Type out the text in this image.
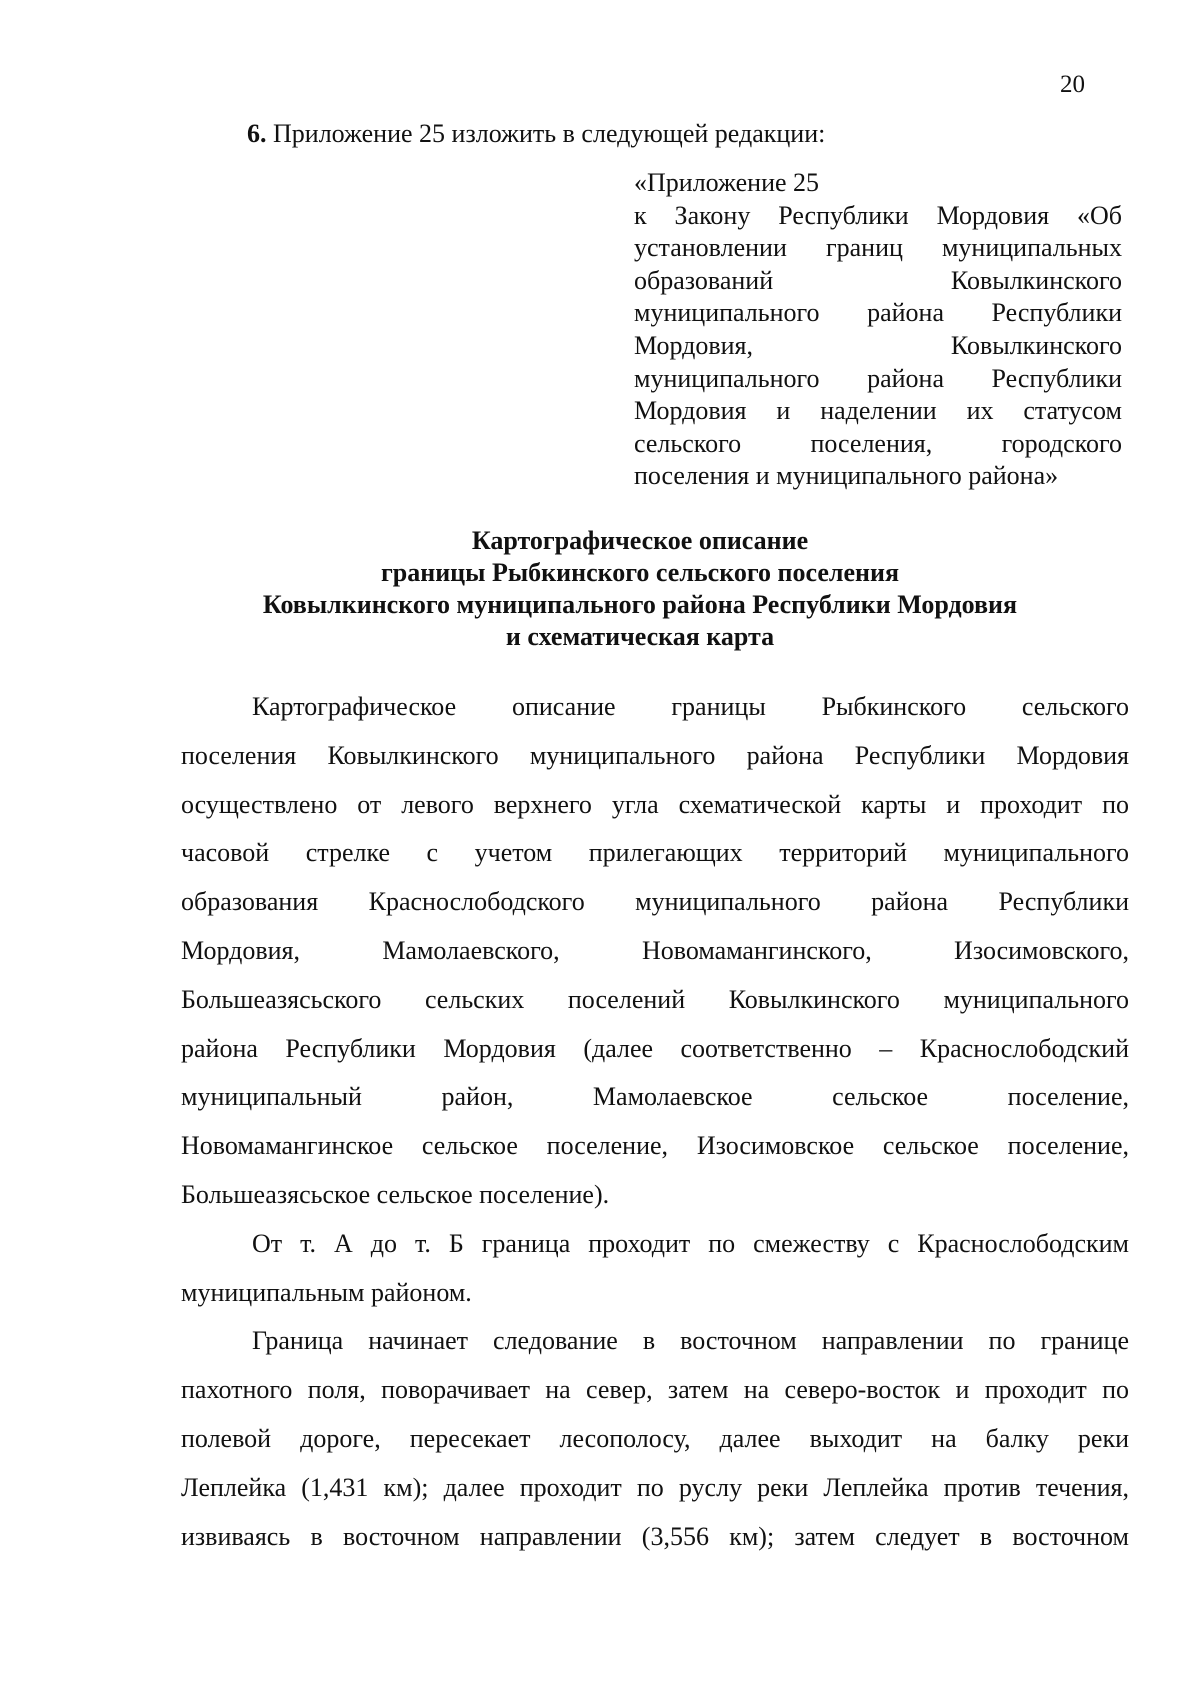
20
6. Приложение 25 изложить в следующей редакции:
«Приложение 25
к Закону Республики Мордовия «Об
установлении границ муниципальных
образований Ковылкинского
муниципального района Республики
Мордовия, Ковылкинского
муниципального района Республики
Мордовия и наделении их статусом
сельского поселения, городского
поселения и муниципального района»
Картографическое описание
границы Рыбкинского сельского поселения
Ковылкинского муниципального района Республики Мордовия
и схематическая карта
Картографическое описание границы Рыбкинского сельского
поселения Ковылкинского муниципального района Республики Мордовия
осуществлено от левого верхнего угла схематической карты и проходит по
часовой стрелке с учетом прилегающих территорий муниципального
образования Краснослободского муниципального района Республики
Мордовия, Мамолаевского, Новомамангинского, Изосимовского,
Большеазясьского сельских поселений Ковылкинского муниципального
района Республики Мордовия (далее соответственно – Краснослободский
муниципальный район, Мамолаевское сельское поселение,
Новомамангинское сельское поселение, Изосимовское сельское поселение,
Большеазясьское сельское поселение).
От т. А до т. Б граница проходит по смежеству с Краснослободским
муниципальным районом.
Граница начинает следование в восточном направлении по границе
пахотного поля, поворачивает на север, затем на северо-восток и проходит по
полевой дороге, пересекает лесополосу, далее выходит на балку реки
Леплейка (1,431 км); далее проходит по руслу реки Леплейка против течения,
извиваясь в восточном направлении (3,556 км); затем следует в восточном
